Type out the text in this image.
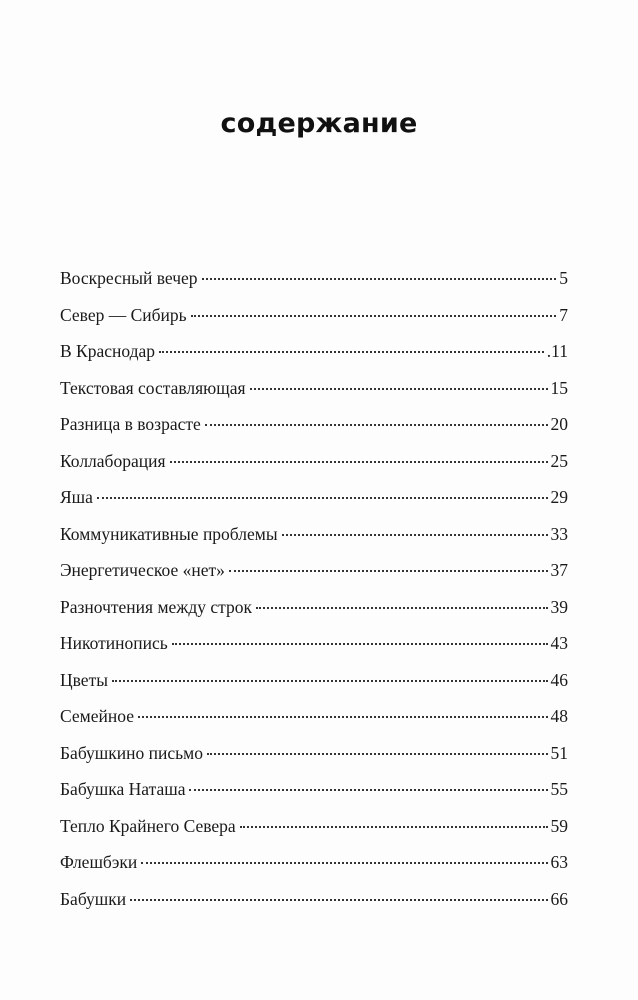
содержание
Воскресный вечер	5
Север — Сибирь	7
В Краснодар	.11
Текстовая составляющая	15
Разница в возрасте	20
Коллаборация	25
Яша	29
Коммуникативные проблемы	33
Энергетическое «нет»	37
Разночтения между строк	39
Никотинопись	43
Цветы	46
Семейное	48
Бабушкино письмо	51
Бабушка Наташа	55
Тепло Крайнего Севера	59
Флешбэки	63
Бабушки	66
